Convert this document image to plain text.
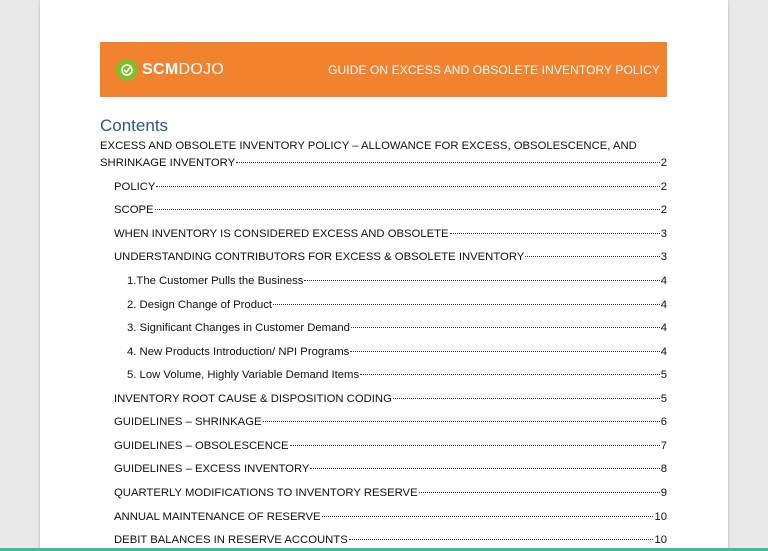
SCMDOJO	GUIDE ON EXCESS AND OBSOLETE INVENTORY POLICY
Contents
EXCESS AND OBSOLETE INVENTORY POLICY – ALLOWANCE FOR EXCESS, OBSOLESCENCE, AND
SHRINKAGE INVENTORY	2
POLICY	2
SCOPE	2
WHEN INVENTORY IS CONSIDERED EXCESS AND OBSOLETE	3
UNDERSTANDING CONTRIBUTORS FOR EXCESS & OBSOLETE INVENTORY	3
1.The Customer Pulls the Business	4
2. Design Change of Product	4
3. Significant Changes in Customer Demand	4
4. New Products Introduction/ NPI Programs	4
5. Low Volume, Highly Variable Demand Items	5
INVENTORY ROOT CAUSE & DISPOSITION CODING	5
GUIDELINES – SHRINKAGE	6
GUIDELINES – OBSOLESCENCE	7
GUIDELINES – EXCESS INVENTORY	8
QUARTERLY MODIFICATIONS TO INVENTORY RESERVE	9
ANNUAL MAINTENANCE OF RESERVE	10
DEBIT BALANCES IN RESERVE ACCOUNTS	10
